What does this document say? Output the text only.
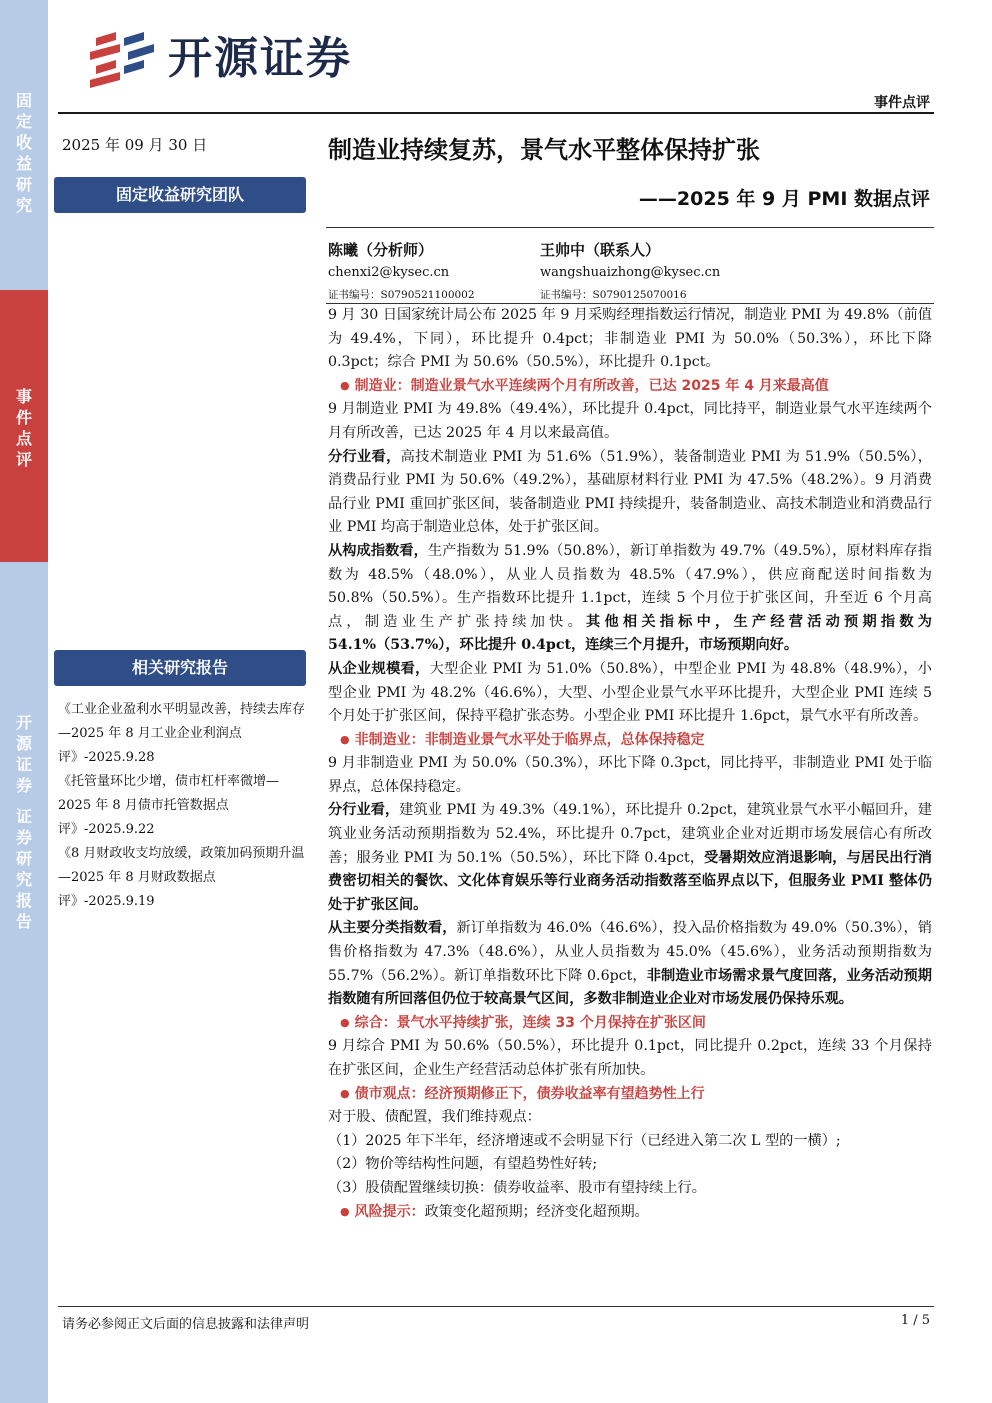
固
定
收
益
研
究
事
件
点
评
开
源
证
券
证
券
研
究
报
告
开源证券
事件点评
2025 年 09 月 30 日
固定收益研究团队
相关研究报告

《工业企业盈利水平明显改善，持续去库存—2025 年 8 月工业企业利润点评》-2025.9.28

《托管量环比少增，债市杠杆率微增—2025 年 8 月债市托管数据点评》-2025.9.22

《8 月财政收支均放缓，政策加码预期升温—2025 年 8 月财政数据点评》-2025.9.19

制造业持续复苏，景气水平整体保持扩张
——2025 年 9 月 PMI 数据点评
陈曦（分析师）
chenxi2@kysec.cn
证书编号：S0790521100002
王帅中（联系人）
wangshuaizhong@kysec.cn
证书编号：S0790125070016

9 月 30 日国家统计局公布 2025 年 9 月采购经理指数运行情况，制造业 PMI 为 49.8%（前值为 49.4%，下同），环比提升 0.4pct；非制造业 PMI 为 50.0%（50.3%），环比下降 0.3pct；综合 PMI 为 50.6%（50.5%），环比提升 0.1pct。

● 制造业：制造业景气水平连续两个月有所改善，已达 2025 年 4 月来最高值

9 月制造业 PMI 为 49.8%（49.4%），环比提升 0.4pct，同比持平，制造业景气水平连续两个月有所改善，已达 2025 年 4 月以来最高值。

分行业看，高技术制造业 PMI 为 51.6%（51.9%），装备制造业 PMI 为 51.9%（50.5%），消费品行业 PMI 为 50.6%（49.2%），基础原材料行业 PMI 为 47.5%（48.2%）。9 月消费品行业 PMI 重回扩张区间，装备制造业 PMI 持续提升，装备制造业、高技术制造业和消费品行业 PMI 均高于制造业总体，处于扩张区间。

从构成指数看，生产指数为 51.9%（50.8%），新订单指数为 49.7%（49.5%），原材料库存指数为 48.5%（48.0%），从业人员指数为 48.5%（47.9%），供应商配送时间指数为 50.8%（50.5%）。生产指数环比提升 1.1pct，连续 5 个月位于扩张区间，升至近 6 个月高点，制造业生产扩张持续加快。其他相关指标中，生产经营活动预期指数为 54.1%（53.7%），环比提升 0.4pct，连续三个月提升，市场预期向好。

从企业规模看，大型企业 PMI 为 51.0%（50.8%），中型企业 PMI 为 48.8%（48.9%），小型企业 PMI 为 48.2%（46.6%），大型、小型企业景气水平环比提升，大型企业 PMI 连续 5 个月处于扩张区间，保持平稳扩张态势。小型企业 PMI 环比提升 1.6pct，景气水平有所改善。

● 非制造业：非制造业景气水平处于临界点，总体保持稳定

9 月非制造业 PMI 为 50.0%（50.3%），环比下降 0.3pct，同比持平，非制造业 PMI 处于临界点，总体保持稳定。

分行业看，建筑业 PMI 为 49.3%（49.1%），环比提升 0.2pct，建筑业景气水平小幅回升，建筑业业务活动预期指数为 52.4%，环比提升 0.7pct，建筑业企业对近期市场发展信心有所改善；服务业 PMI 为 50.1%（50.5%），环比下降 0.4pct，受暑期效应消退影响，与居民出行消费密切相关的餐饮、文化体育娱乐等行业商务活动指数落至临界点以下，但服务业 PMI 整体仍处于扩张区间。

从主要分类指数看，新订单指数为 46.0%（46.6%），投入品价格指数为 49.0%（50.3%），销售价格指数为 47.3%（48.6%），从业人员指数为 45.0%（45.6%），业务活动预期指数为 55.7%（56.2%）。新订单指数环比下降 0.6pct，非制造业市场需求景气度回落，业务活动预期指数随有所回落但仍位于较高景气区间，多数非制造业企业对市场发展仍保持乐观。

● 综合：景气水平持续扩张，连续 33 个月保持在扩张区间

9 月综合 PMI 为 50.6%（50.5%），环比提升 0.1pct，同比提升 0.2pct，连续 33 个月保持在扩张区间，企业生产经营活动总体扩张有所加快。

● 债市观点：经济预期修正下，债券收益率有望趋势性上行

对于股、债配置，我们维持观点：

（1）2025 年下半年，经济增速或不会明显下行（已经进入第二次 L 型的一横）;

（2）物价等结构性问题，有望趋势性好转;

（3）股债配置继续切换：债券收益率、股市有望持续上行。

● 风险提示：政策变化超预期；经济变化超预期。
请务必参阅正文后面的信息披露和法律声明	1 / 5
